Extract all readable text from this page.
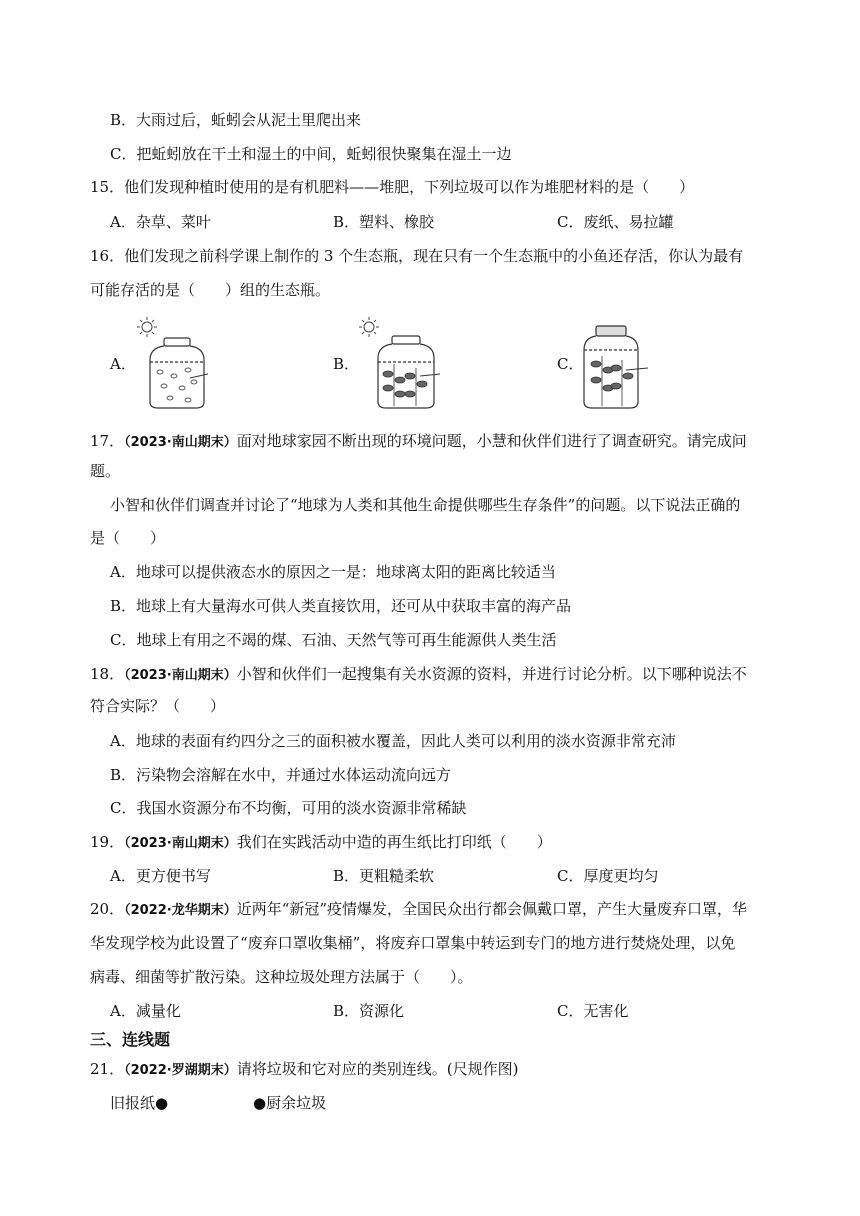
B．大雨过后，蚯蚓会从泥土里爬出来
C．把蚯蚓放在干土和湿土的中间，蚯蚓很快聚集在湿土一边
15．他们发现种植时使用的是有机肥料——堆肥，下列垃圾可以作为堆肥材料的是（　　）
A．杂草、菜叶	B．塑料、橡胶	C．废纸、易拉罐
16．他们发现之前科学课上制作的 3 个生态瓶，现在只有一个生态瓶中的小鱼还存活，你认为最有
可能存活的是（　　）组的生态瓶。
A．	B．	C．
17．（2023·南山期末）面对地球家园不断出现的环境问题，小慧和伙伴们进行了调查研究。请完成问
题。
小智和伙伴们调查并讨论了“地球为人类和其他生命提供哪些生存条件”的问题。以下说法正确的
是（　　）
A．地球可以提供液态水的原因之一是：地球离太阳的距离比较适当
B．地球上有大量海水可供人类直接饮用，还可从中获取丰富的海产品
C．地球上有用之不竭的煤、石油、天然气等可再生能源供人类生活
18．（2023·南山期末）小智和伙伴们一起搜集有关水资源的资料，并进行讨论分析。以下哪种说法不
符合实际？（　　）
A．地球的表面有约四分之三的面积被水覆盖，因此人类可以利用的淡水资源非常充沛
B．污染物会溶解在水中，并通过水体运动流向远方
C．我国水资源分布不均衡，可用的淡水资源非常稀缺
19．（2023·南山期末）我们在实践活动中造的再生纸比打印纸（　　）
A．更方便书写	B．更粗糙柔软	C．厚度更均匀
20．（2022·龙华期末）近两年“新冠”疫情爆发，全国民众出行都会佩戴口罩，产生大量废弃口罩，华
华发现学校为此设置了“废弃口罩收集桶”，将废弃口罩集中转运到专门的地方进行焚烧处理，以免
病毒、细菌等扩散污染。这种垃圾处理方法属于（　　）。
A．减量化	B．资源化	C．无害化
三、连线题
21．（2022·罗湖期末）请将垃圾和它对应的类别连线。(尺规作图)
旧报纸●	●厨余垃圾
